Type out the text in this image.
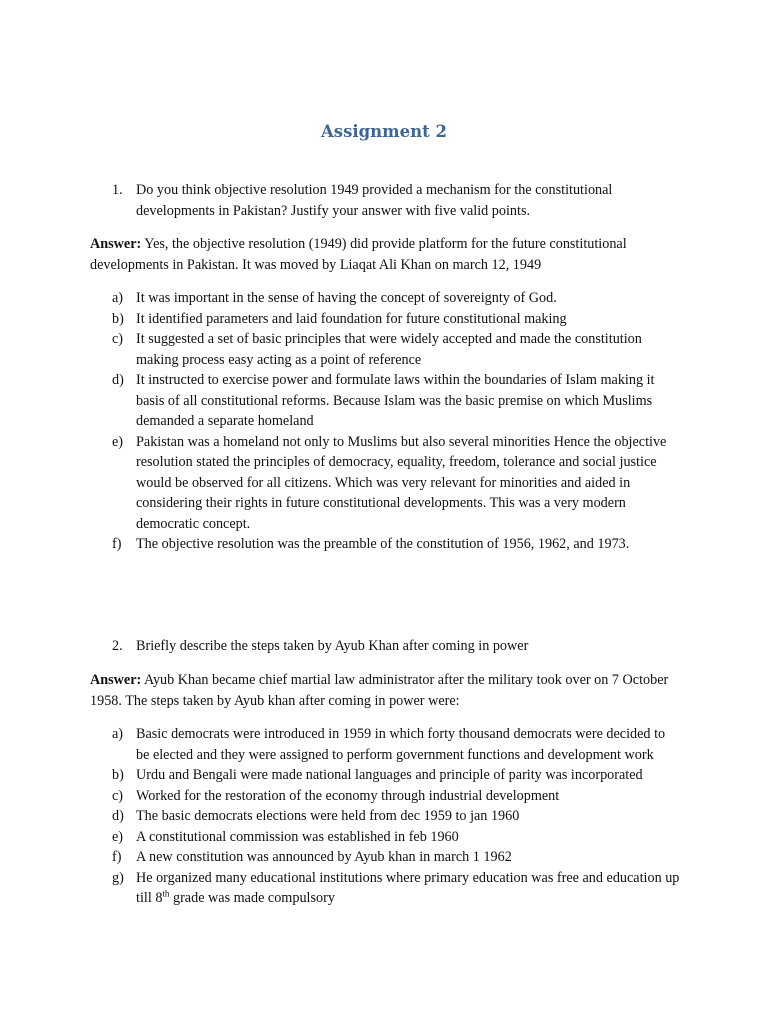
Assignment 2
1. Do you think objective resolution 1949 provided a mechanism for the constitutional developments in Pakistan? Justify your answer with five valid points.
Answer: Yes, the objective resolution (1949) did provide platform for the future constitutional developments in Pakistan. It was moved by Liaqat Ali Khan on march 12, 1949
a) It was important in the sense of having the concept of sovereignty of God.
b) It identified parameters and laid foundation for future constitutional making
c) It suggested a set of basic principles that were widely accepted and made the constitution making process easy acting as a point of reference
d) It instructed to exercise power and formulate laws within the boundaries of Islam making it basis of all constitutional reforms. Because Islam was the basic premise on which Muslims demanded a separate homeland
e) Pakistan was a homeland not only to Muslims but also several minorities Hence the objective resolution stated the principles of democracy, equality, freedom, tolerance and social justice would be observed for all citizens. Which was very relevant for minorities and aided in considering their rights in future constitutional developments. This was a very modern democratic concept.
f) The objective resolution was the preamble of the constitution of 1956, 1962, and 1973.
2. Briefly describe the steps taken by Ayub Khan after coming in power
Answer: Ayub Khan became chief martial law administrator after the military took over on 7 October 1958. The steps taken by Ayub khan after coming in power were:
a) Basic democrats were introduced in 1959 in which forty thousand democrats were decided to be elected and they were assigned to perform government functions and development work
b) Urdu and Bengali were made national languages and principle of parity was incorporated
c) Worked for the restoration of the economy through industrial development
d) The basic democrats elections were held from dec 1959 to jan 1960
e) A constitutional commission was established in feb 1960
f) A new constitution was announced by Ayub khan in march 1 1962
g) He organized many educational institutions where primary education was free and education up till 8th grade was made compulsory
